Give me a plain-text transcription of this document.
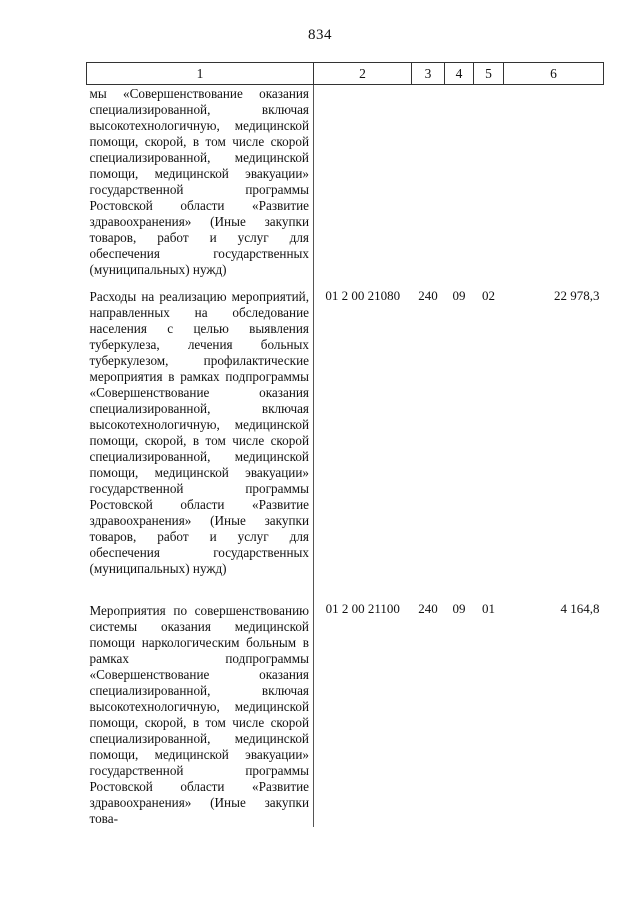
834
1	2	3	4	5	6
мы «Совершенствование оказания специализированной, включая высокотехнологичную, медицинской помощи, скорой, в том числе скорой специализированной, медицинской помощи, медицинской эвакуации» государственной программы Ростовской области «Развитие здравоохранения» (Иные закупки товаров, работ и услуг для обеспечения государственных (муниципальных) нужд)					
Расходы на реализацию мероприятий, направленных на обследование населения с целью выявления туберкулеза, лечения больных туберкулезом, профилактические мероприятия в рамках подпрограммы «Совершенствование оказания специализированной, включая высокотехнологичную, медицинской помощи, скорой, в том числе скорой специализированной, медицинской помощи, медицинской эвакуации» государственной программы Ростовской области «Развитие здравоохранения» (Иные закупки товаров, работ и услуг для обеспечения государственных (муниципальных) нужд)	01 2 00 21080	240	09	02	22 978,3
Мероприятия по совершенствованию системы оказания медицинской помощи наркологическим больным в рамках подпрограммы «Совершенствование оказания специализированной, включая высокотехнологичную, медицинской помощи, скорой, в том числе скорой специализированной, медицинской помощи, медицинской эвакуации» государственной программы Ростовской области «Развитие здравоохранения» (Иные закупки това-	01 2 00 21100	240	09	01	4 164,8
